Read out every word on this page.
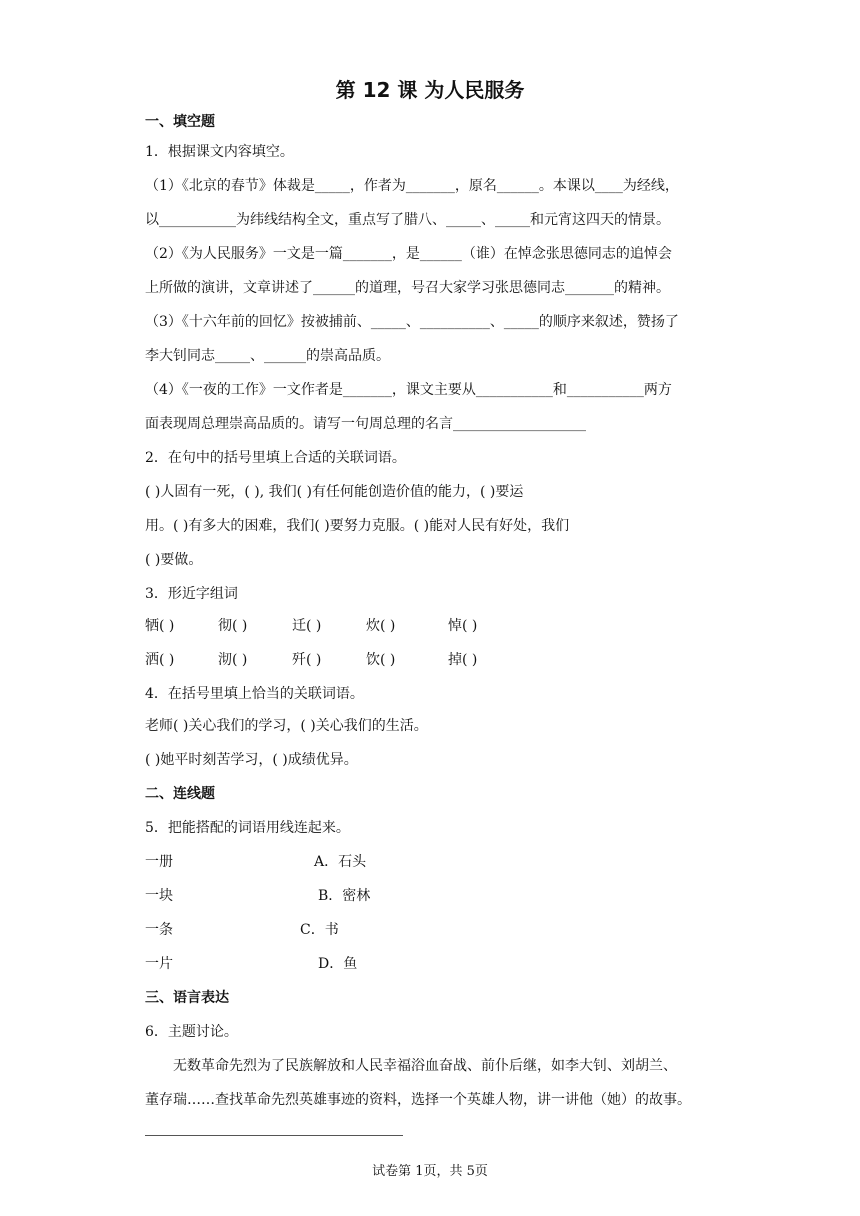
第 12 课 为人民服务
一、填空题
1．根据课文内容填空。
（1）《北京的春节》体裁是_____，作者为_______，原名______。本课以____为经线，
以___________为纬线结构全文，重点写了腊八、_____、_____和元宵这四天的情景。
（2）《为人民服务》一文是一篇_______，是______（谁）在悼念张思德同志的追悼会
上所做的演讲，文章讲述了______的道理，号召大家学习张思德同志_______的精神。
（3）《十六年前的回忆》按被捕前、_____、__________、_____的顺序来叙述，赞扬了
李大钊同志_____、______的崇高品质。
（4）《一夜的工作》一文作者是_______，课文主要从___________和___________两方
面表现周总理崇高品质的。请写一句周总理的名言___________________
2．在句中的括号里填上合适的关联词语。
( )人固有一死，( ), 我们( )有任何能创造价值的能力，( )要运
用。( )有多大的困难，我们( )要努力克服。( )能对人民有好处，我们
( )要做。
3．形近字组词
牺( )	彻( )	迁( )	炊( )	悼( )
洒( )	沏( )	歼( )	饮( )	掉( )
4．在括号里填上恰当的关联词语。
老师( )关心我们的学习，( )关心我们的生活。
( )她平时刻苦学习，( )成绩优异。
二、连线题
5．把能搭配的词语用线连起来。
一册	A．石头
一块	B．密林
一条	C．书
一片	D．鱼
三、语言表达
6．主题讨论。
无数革命先烈为了民族解放和人民幸福浴血奋战、前仆后继，如李大钊、刘胡兰、
董存瑞……查找革命先烈英雄事迹的资料，选择一个英雄人物，讲一讲他（她）的故事。
试卷第 1页，共 5页
